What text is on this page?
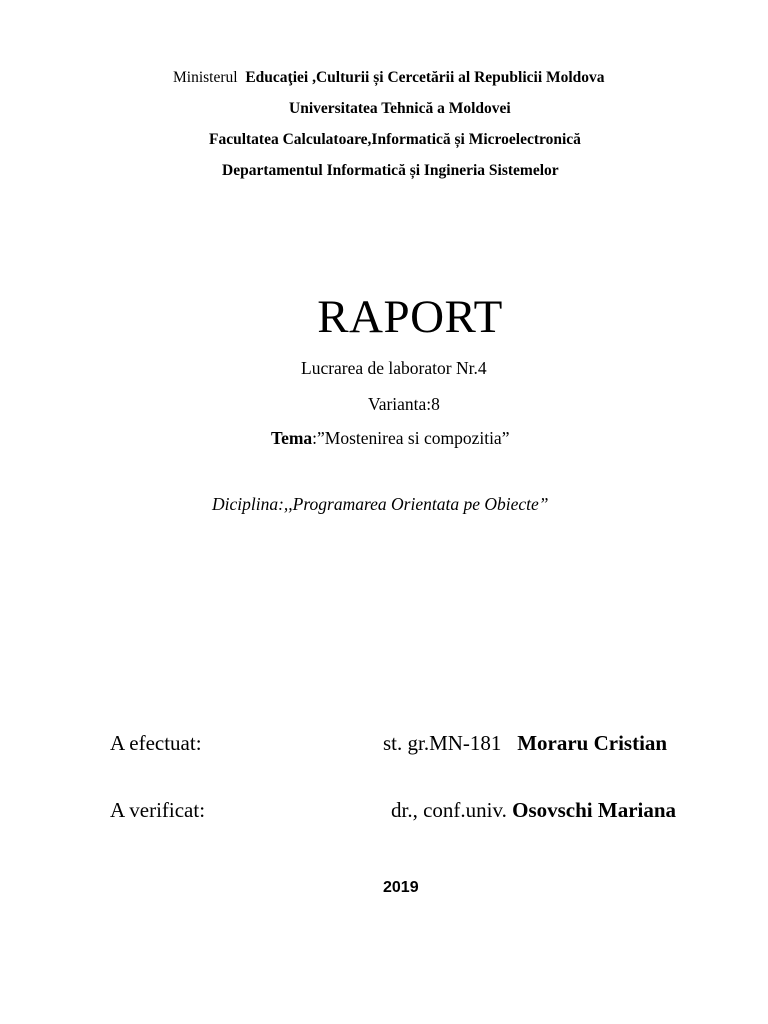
Ministerul Educaţiei ,Culturii și Cercetării al Republicii Moldova
Universitatea Tehnică a Moldovei
Facultatea Calculatoare,Informatică și Microelectronică
Departamentul Informatică și Ingineria Sistemelor
RAPORT
Lucrarea de laborator Nr.4
Varianta:8
Tema:”Mostenirea si compozitia”
Diciplina:,,Programarea Orientata pe Obiecte”
A efectuat:	st. gr.MN-181 Moraru Cristian
A verificat:	dr., conf.univ. Osovschi Mariana
2019
